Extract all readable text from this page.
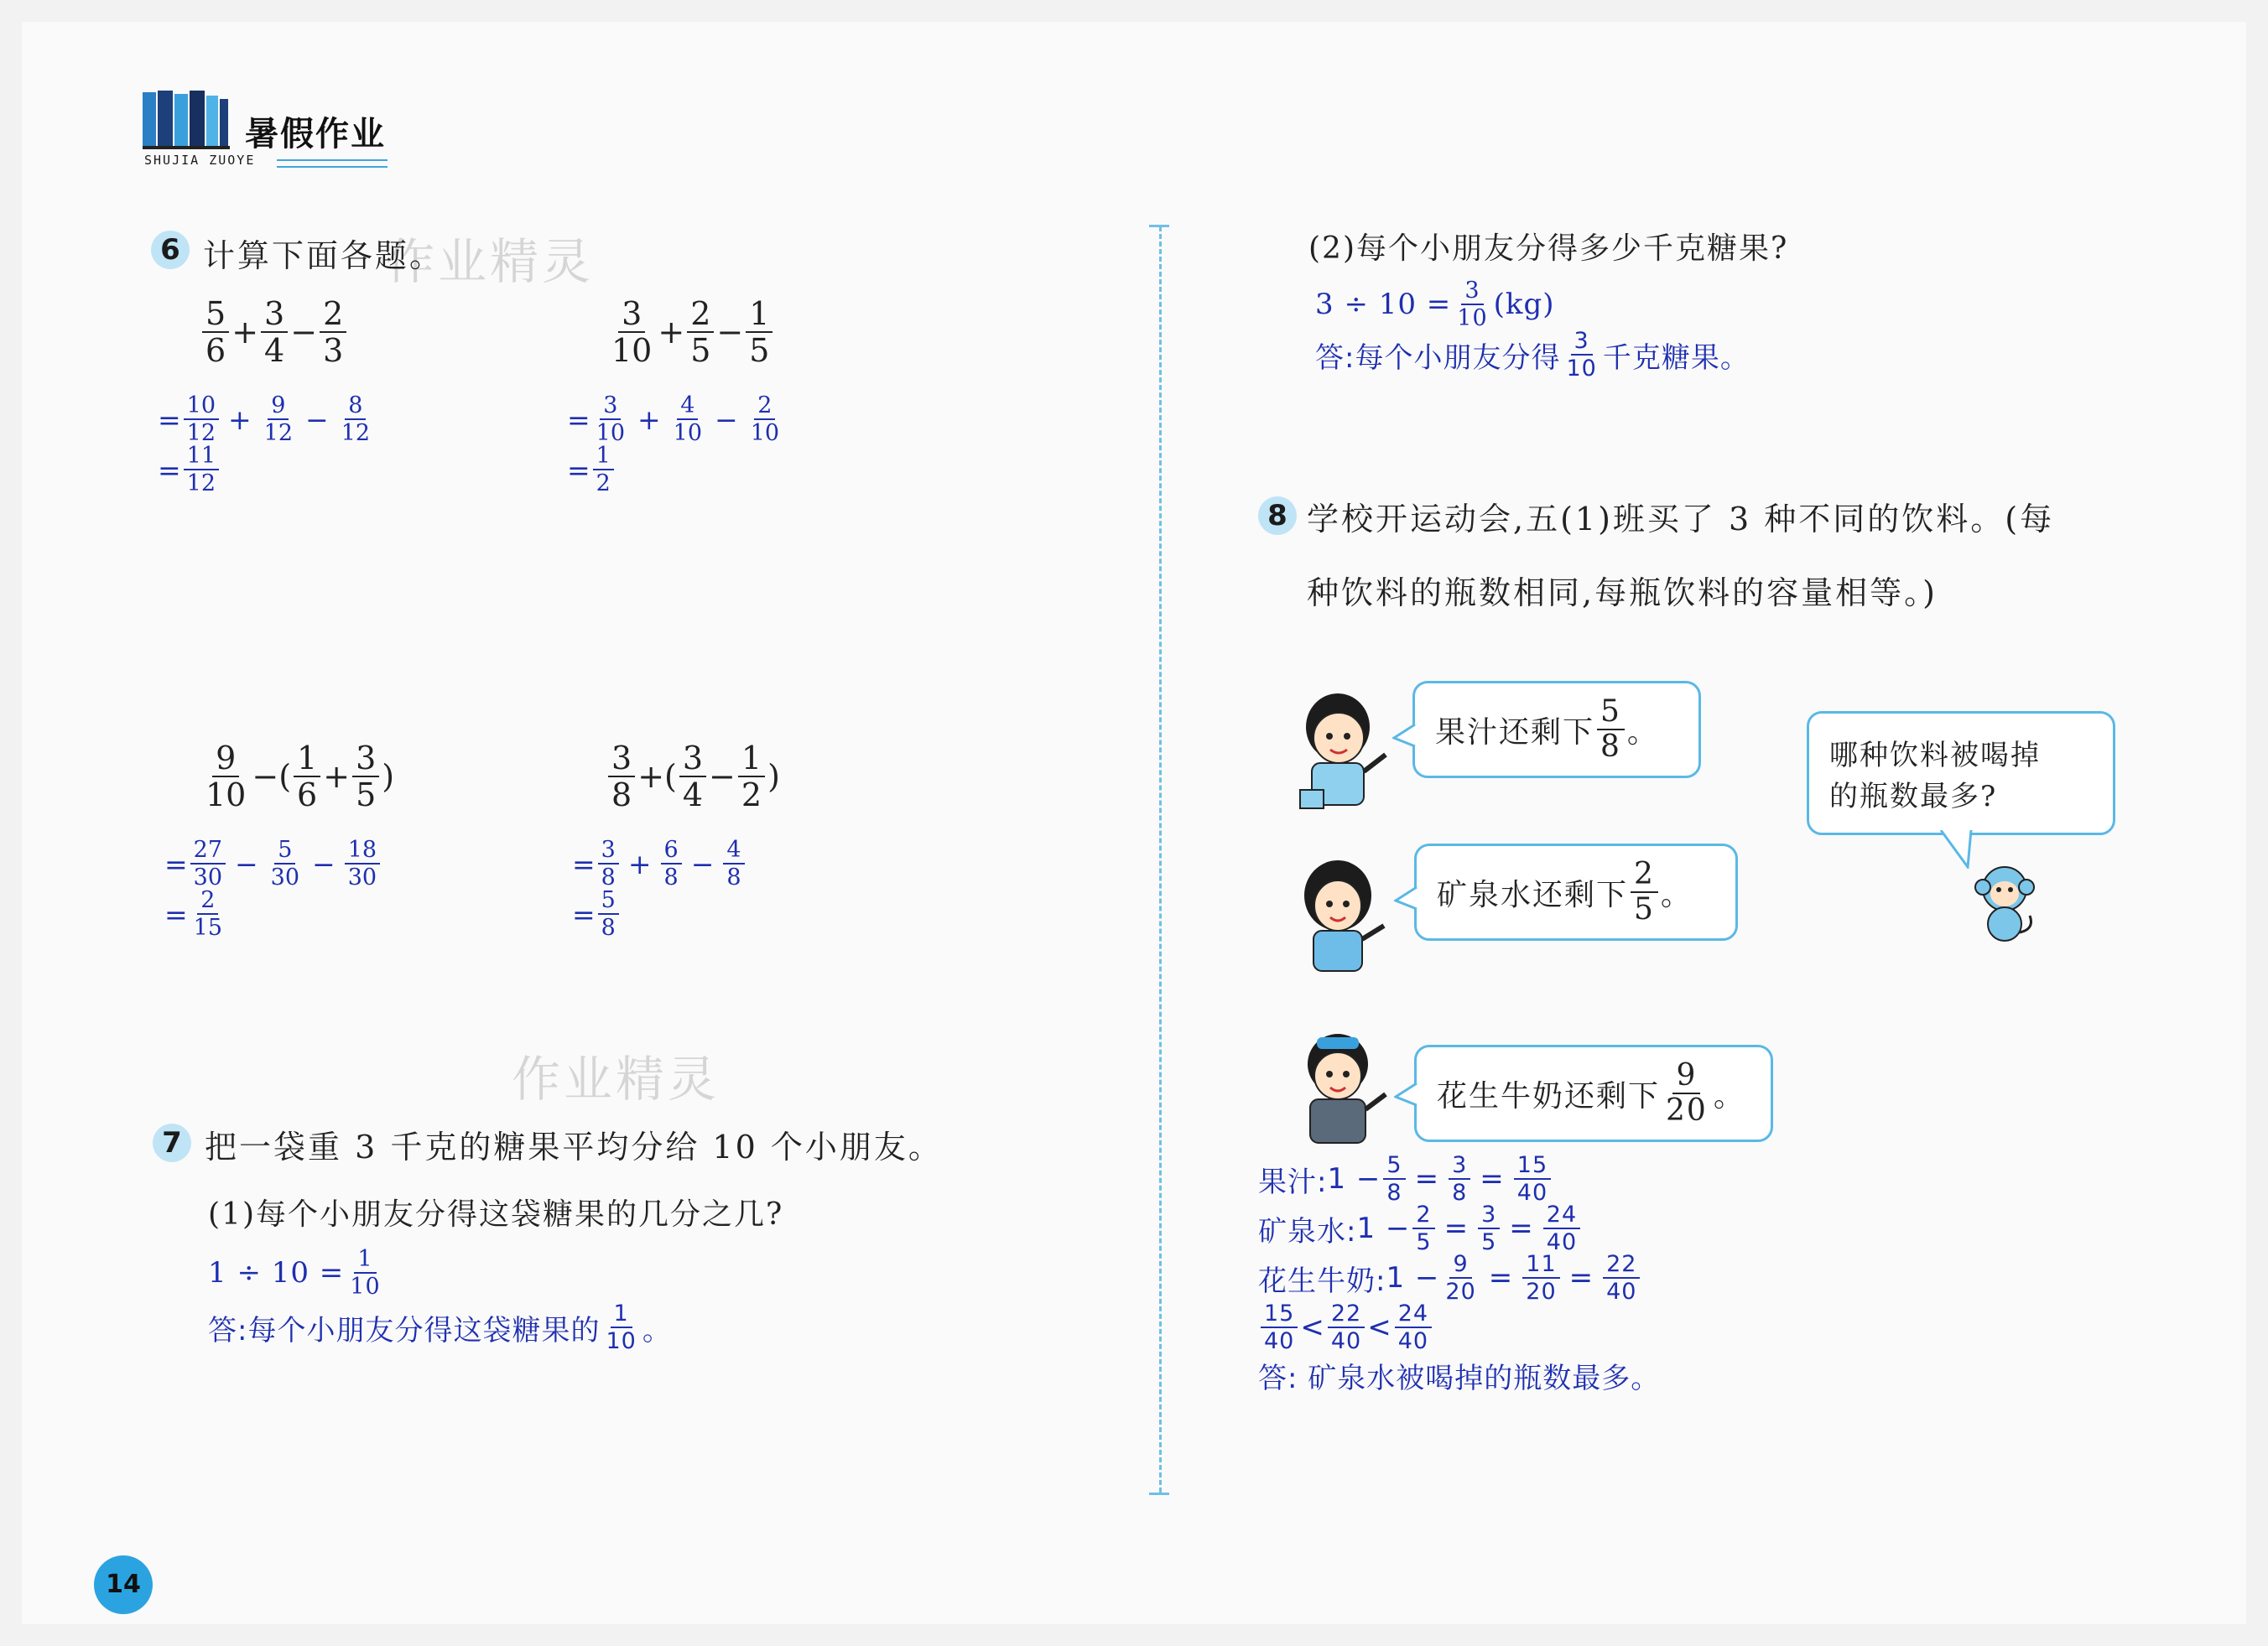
暑假作业
SHUJIA ZUOYE
作业精灵
作业精灵
6 计算下面各题。
$\frac{5}{6} + \frac{3}{4} - \frac{2}{3}$
= $\frac{10}{12} + \frac{9}{12} - \frac{8}{12}$
= $\frac{11}{12}$
$\frac{3}{10} + \frac{2}{5} - \frac{1}{5}$
= $\frac{3}{10} + \frac{4}{10} - \frac{2}{10}$
= $\frac{1}{2}$
$\frac{9}{10}$ −( $\frac{1}{6} + \frac{3}{5}$ )
= $\frac{27}{30} - \frac{5}{30} - \frac{18}{30}$
= $\frac{2}{15}$
$\frac{3}{8}$ +( $\frac{3}{4} - \frac{1}{2}$ )
= $\frac{3}{8} + \frac{6}{8} - \frac{4}{8}$
= $\frac{5}{8}$
7 把一袋重 3 千克的糖果平均分给 10 个小朋友。
(1)每个小朋友分得这袋糖果的几分之几?
$1 \div 10 = \frac{1}{10}$
答:每个小朋友分得这袋糖果的 $\frac{1}{10}$ 。
(2)每个小朋友分得多少千克糖果?
$3 \div 10 = \frac{3}{10} (kg)$
答:每个小朋友分得 $\frac{3}{10}$ 千克糖果。
8 学校开运动会,五(1)班买了 3 种不同的饮料。(每
种饮料的瓶数相同,每瓶饮料的容量相等。)
果汁还剩下 $\frac{5}{8}$ 。
矿泉水还剩下 $\frac{2}{5}$ 。
花生牛奶还剩下 $\frac{9}{20}$ 。
哪种饮料被喝掉
的瓶数最多?
果汁: $1 - \frac{5}{8} = \frac{3}{8} = \frac{15}{40}$
矿泉水: $1 - \frac{2}{5} = \frac{3}{5} = \frac{24}{40}$
花生牛奶: $1 - \frac{9}{20} = \frac{11}{20} = \frac{22}{40}$
$\frac{15}{40} < \frac{22}{40} < \frac{24}{40}$
答: 矿泉水被喝掉的瓶数最多。
14
